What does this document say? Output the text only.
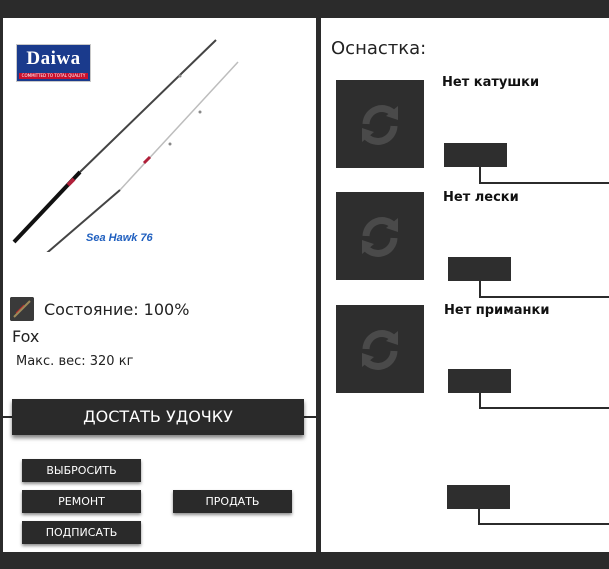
Daiwa
COMMITTED TO TOTAL QUALITY
Sea Hawk 76
Состояние: 100%
Fox
Макс. вес: 320 кг
ДОСТАТЬ УДОЧКУ
ВЫБРОСИТЬ
РЕМОНТ
ПОДПИСАТЬ
ПРОДАТЬ
Оснастка:
Нет катушки
Нет лески
Нет приманки
